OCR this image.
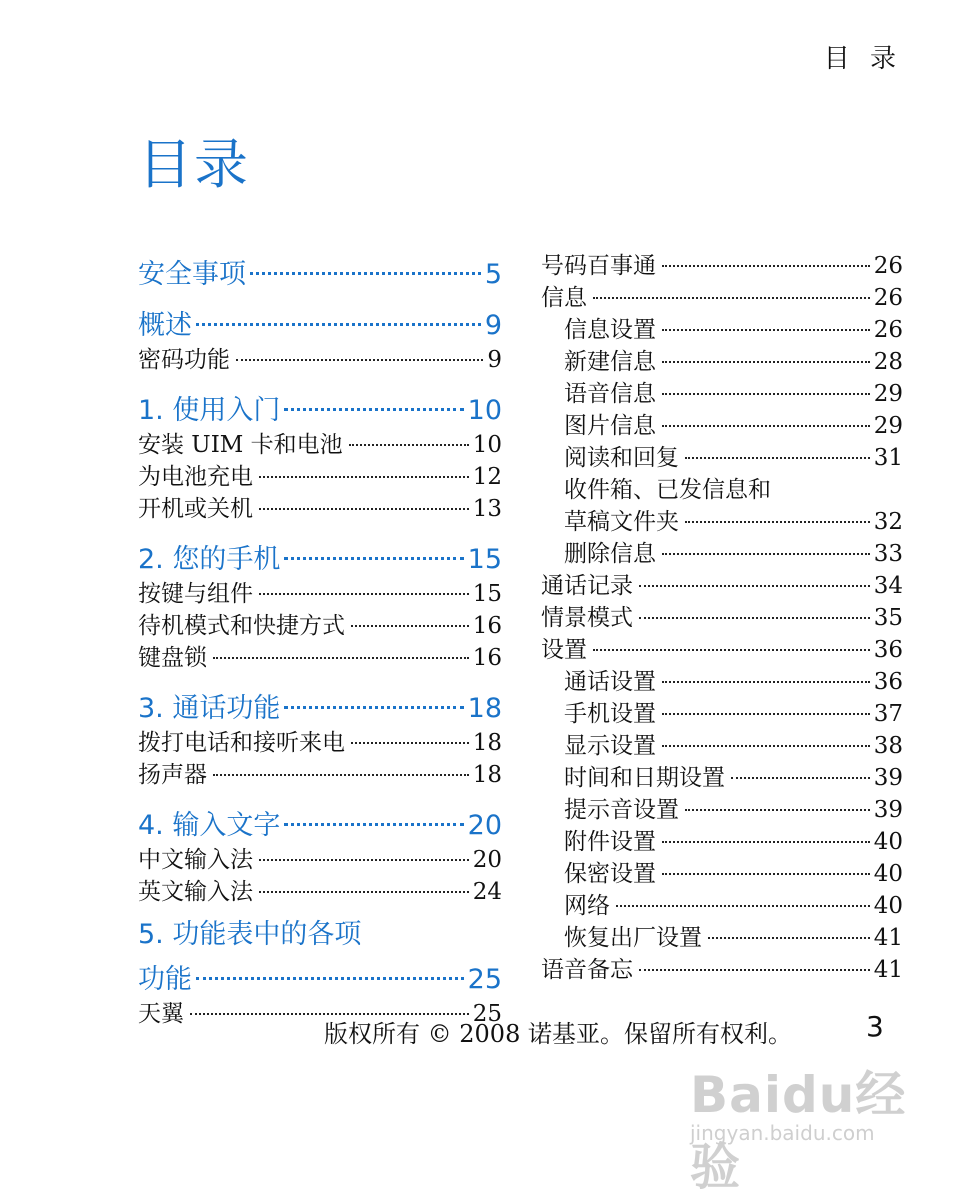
目 录
目录
安全事项	5
概述	9
密码功能	9
1. 使用入门	10
安装 UIM 卡和电池	10
为电池充电	12
开机或关机	13
2. 您的手机	15
按键与组件	15
待机模式和快捷方式	16
键盘锁	16
3. 通话功能	18
拨打电话和接听来电	18
扬声器	18
4. 输入文字	20
中文输入法	20
英文输入法	24
5. 功能表中的各项
功能	25
天翼	25
号码百事通	26
信息	26
信息设置	26
新建信息	28
语音信息	29
图片信息	29
阅读和回复	31
收件箱、已发信息和
草稿文件夹	32
删除信息	33
通话记录	34
情景模式	35
设置	36
通话设置	36
手机设置	37
显示设置	38
时间和日期设置	39
提示音设置	39
附件设置	40
保密设置	40
网络	40
恢复出厂设置	41
语音备忘	41
版权所有 © 2008 诺基亚。保留所有权利。	3
Baidu经验
jingyan.baidu.com
